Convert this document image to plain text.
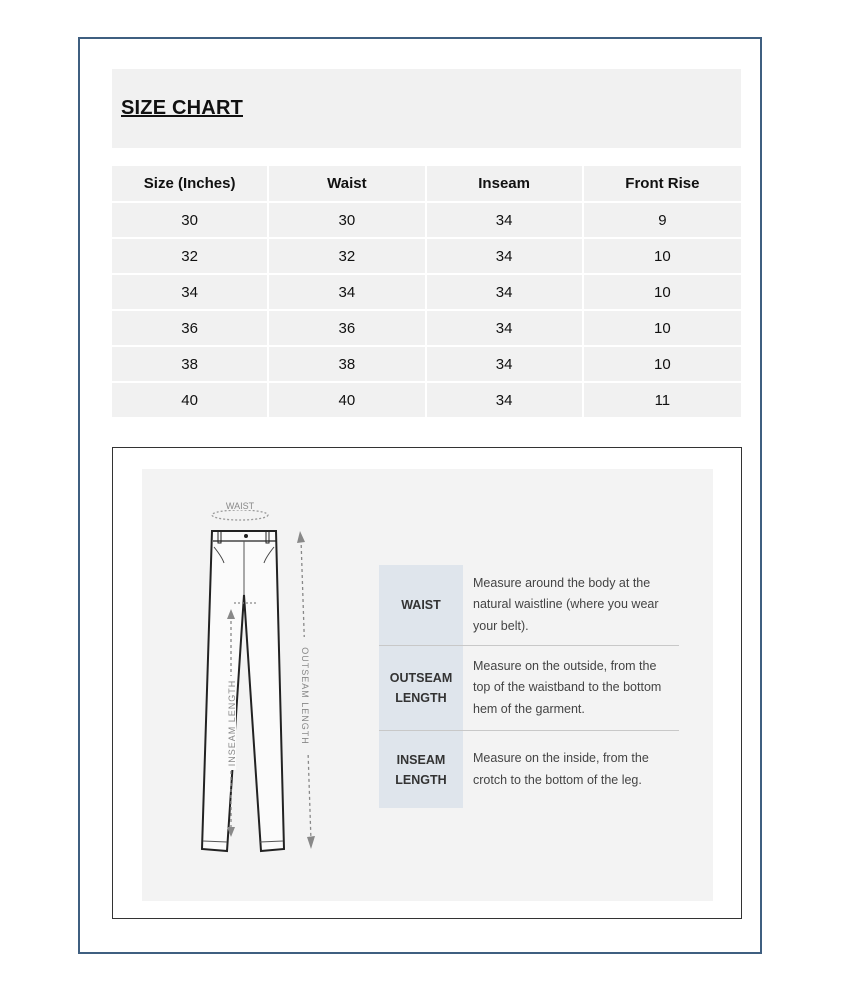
SIZE CHART
Size (Inches)	Waist	Inseam	Front Rise
30	30	34	9
32	32	34	10
34	34	34	10
36	36	34	10
38	38	34	10
40	40	34	11
WAIST
INSEAM LENGTH	OUTSEAM LENGTH
WAIST
Measure around the body at the natural waistline (where you wear your belt).
OUTSEAM
LENGTH
Measure on the outside, from the top of the waistband to the bottom hem of the garment.
INSEAM
LENGTH
Measure on the inside, from the crotch to the bottom of the leg.
